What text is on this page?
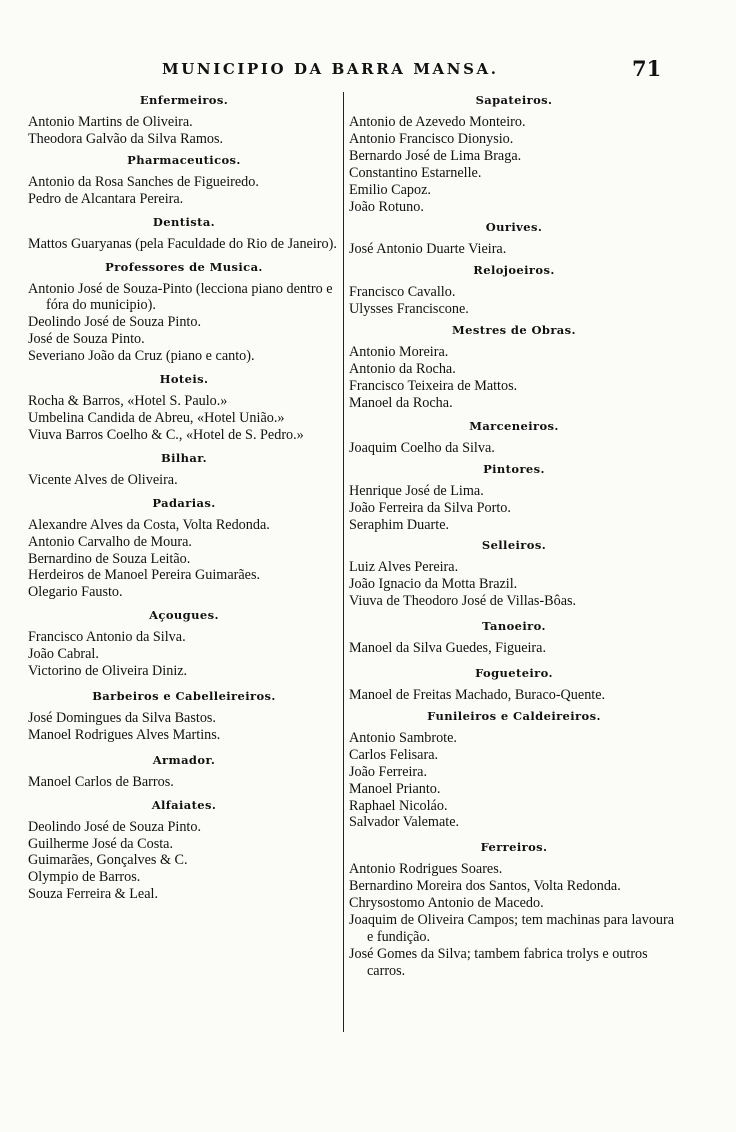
MUNICIPIO DA BARRA MANSA.	71
Enfermeiros.
Antonio Martins de Oliveira.
Theodora Galvão da Silva Ramos.
Pharmaceuticos.
Antonio da Rosa Sanches de Figueiredo.
Pedro de Alcantara Pereira.
Dentista.
Mattos Guaryanas (pela Faculdade do Rio de Janeiro).
Professores de Musica.
Antonio José de Souza-Pinto (lecciona piano dentro e fóra do municipio).
Deolindo José de Souza Pinto.
José de Souza Pinto.
Severiano João da Cruz (piano e canto).
Hoteis.
Rocha & Barros, «Hotel S. Paulo.»
Umbelina Candida de Abreu, «Hotel União.»
Viuva Barros Coelho & C., «Hotel de S. Pedro.»
Bilhar.
Vicente Alves de Oliveira.
Padarias.
Alexandre Alves da Costa, Volta Redonda.
Antonio Carvalho de Moura.
Bernardino de Souza Leitão.
Herdeiros de Manoel Pereira Guimarães.
Olegario Fausto.
Açougues.
Francisco Antonio da Silva.
João Cabral.
Victorino de Oliveira Diniz.
Barbeiros e Cabelleireiros.
José Domingues da Silva Bastos.
Manoel Rodrigues Alves Martins.
Armador.
Manoel Carlos de Barros.
Alfaiates.
Deolindo José de Souza Pinto.
Guilherme José da Costa.
Guimarães, Gonçalves & C.
Olympio de Barros.
Souza Ferreira & Leal.
Sapateiros.
Antonio de Azevedo Monteiro.
Antonio Francisco Dionysio.
Bernardo José de Lima Braga.
Constantino Estarnelle.
Emilio Capoz.
João Rotuno.
Ourives.
José Antonio Duarte Vieira.
Relojoeiros.
Francisco Cavallo.
Ulysses Franciscone.
Mestres de Obras.
Antonio Moreira.
Antonio da Rocha.
Francisco Teixeira de Mattos.
Manoel da Rocha.
Marceneiros.
Joaquim Coelho da Silva.
Pintores.
Henrique José de Lima.
João Ferreira da Silva Porto.
Seraphim Duarte.
Selleiros.
Luiz Alves Pereira.
João Ignacio da Motta Brazil.
Viuva de Theodoro José de Villas-Bôas.
Tanoeiro.
Manoel da Silva Guedes, Figueira.
Fogueteiro.
Manoel de Freitas Machado, Buraco-Quente.
Funileiros e Caldeireiros.
Antonio Sambrote.
Carlos Felisara.
João Ferreira.
Manoel Prianto.
Raphael Nicoláo.
Salvador Valemate.
Ferreiros.
Antonio Rodrigues Soares.
Bernardino Moreira dos Santos, Volta Redonda.
Chrysostomo Antonio de Macedo.
Joaquim de Oliveira Campos; tem machinas para lavoura e fundição.
José Gomes da Silva; tambem fabrica trolys e outros carros.
